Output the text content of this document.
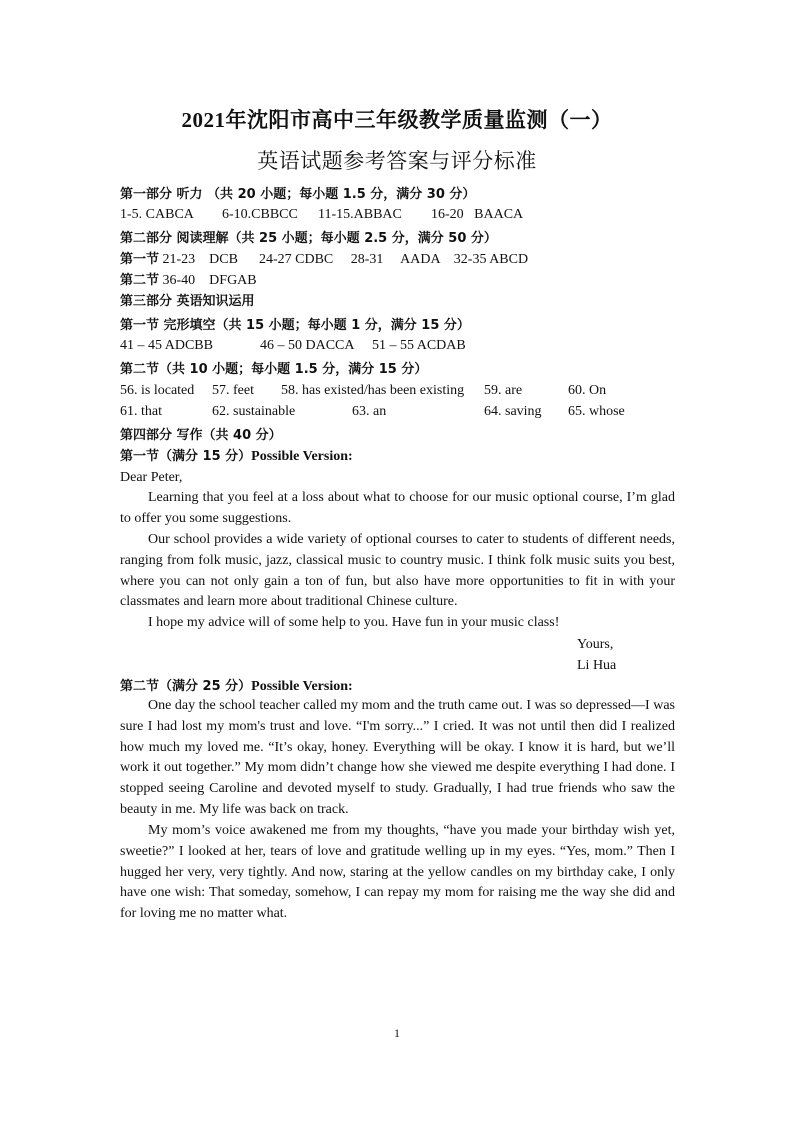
2021年沈阳市高中三年级教学质量监测（一）
英语试题参考答案与评分标准
第一部分 听力 （共 20 小题；每小题 1.5 分，满分 30 分）
1-5. CABCA 6-10.CBBCC 11-15.ABBAC 16-20   BAACA
第二部分 阅读理解（共 25 小题；每小题 2.5 分，满分 50 分）
第一节 21-23    DCB      24-27 CDBC     28-31     AADA    32-35 ABCD
第二节 36-40    DFGAB
第三部分 英语知识运用
第一节 完形填空（共 15 小题；每小题 1 分，满分 15 分）
41 – 45 ADCBB	46 – 50 DACCA 51 – 55 ACDAB
第二节（共 10 小题；每小题 1.5 分，满分 15 分）
56. is located 57. feet 58. has existed/has been existing 59. are	60. On
61. that	62. sustainable	63. an	64. saving 65. whose
第四部分 写作（共 40 分）
第一节（满分 15 分）Possible Version:
Dear Peter,
Learning that you feel at a loss about what to choose for our music optional course, I’m glad to offer you some suggestions.
Our school provides a wide variety of optional courses to cater to students of different needs, ranging from folk music, jazz, classical music to country music. I think folk music suits you best, where you can not only gain a ton of fun, but also have more opportunities to fit in with your classmates and learn more about traditional Chinese culture.
I hope my advice will of some help to you. Have fun in your music class!
Yours,
Li Hua
第二节（满分 25 分）Possible Version:
One day the school teacher called my mom and the truth came out. I was so depressed—I was sure I had lost my mom's trust and love. “I'm sorry...” I cried. It was not until then did I realized how much my loved me. “It’s okay, honey. Everything will be okay. I know it is hard, but we’ll work it out together.” My mom didn’t change how she viewed me despite everything I had done. I stopped seeing Caroline and devoted myself to study. Gradually, I had true friends who saw the beauty in me. My life was back on track.
My mom’s voice awakened me from my thoughts, “have you made your birthday wish yet, sweetie?” I looked at her, tears of love and gratitude welling up in my eyes. “Yes, mom.” Then I hugged her very, very tightly. And now, staring at the yellow candles on my birthday cake, I only have one wish: That someday, somehow, I can repay my mom for raising me the way she did and for loving me no matter what.
1
